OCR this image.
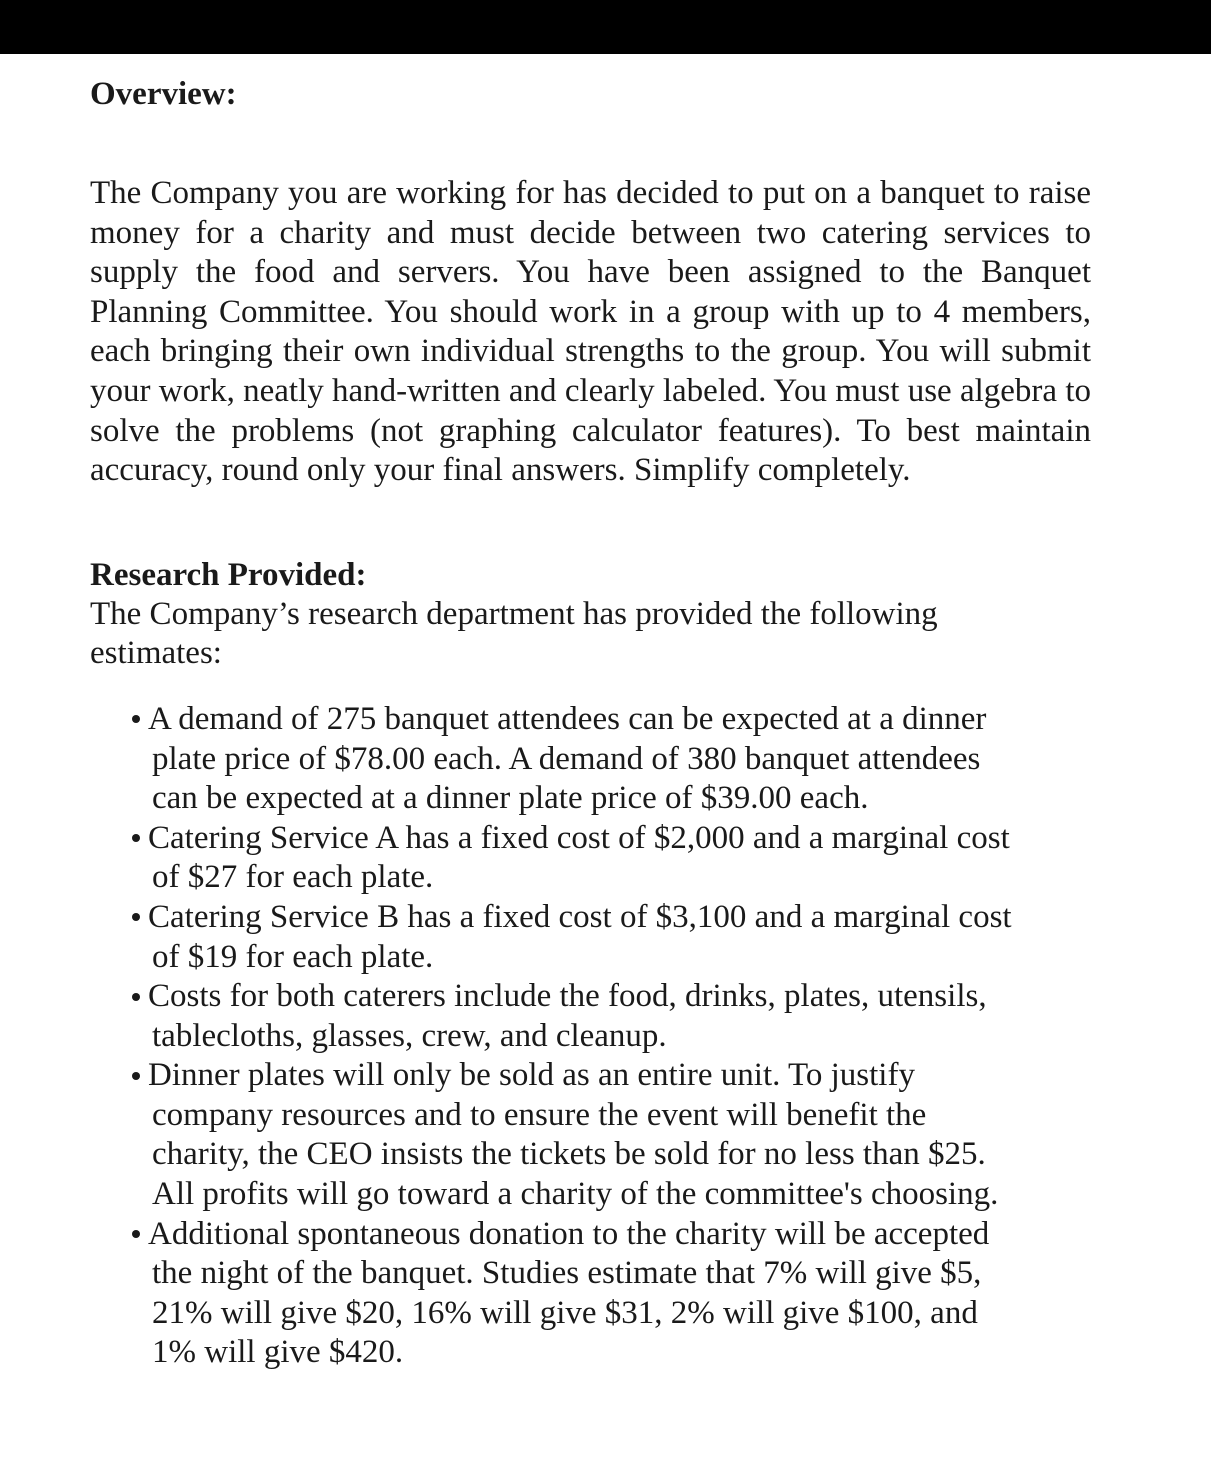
Overview:

The Company you are working for has decided to put on a banquet to raise money for a charity and must decide between two catering services to supply the food and servers. You have been assigned to the Banquet Planning Committee. You should work in a group with up to 4 members, each bringing their own individual strengths to the group. You will submit your work, neatly hand-written and clearly labeled. You must use algebra to solve the problems (not graphing calculator features). To best maintain accuracy, round only your final answers. Simplify completely.

Research Provided:

The Company’s research department has provided the following estimates:

A demand of 275 banquet attendees can be expected at a dinner plate price of $78.00 each. A demand of 380 banquet attendees can be expected at a dinner plate price of $39.00 each.
Catering Service A has a fixed cost of $2,000 and a marginal cost of $27 for each plate.
Catering Service B has a fixed cost of $3,100 and a marginal cost of $19 for each plate.
Costs for both caterers include the food, drinks, plates, utensils, tablecloths, glasses, crew, and cleanup.
Dinner plates will only be sold as an entire unit. To justify company resources and to ensure the event will benefit the charity, the CEO insists the tickets be sold for no less than $25. All profits will go toward a charity of the committee's choosing.
Additional spontaneous donation to the charity will be accepted the night of the banquet. Studies estimate that 7% will give $5, 21% will give $20, 16% will give $31, 2% will give $100, and 1% will give $420.
